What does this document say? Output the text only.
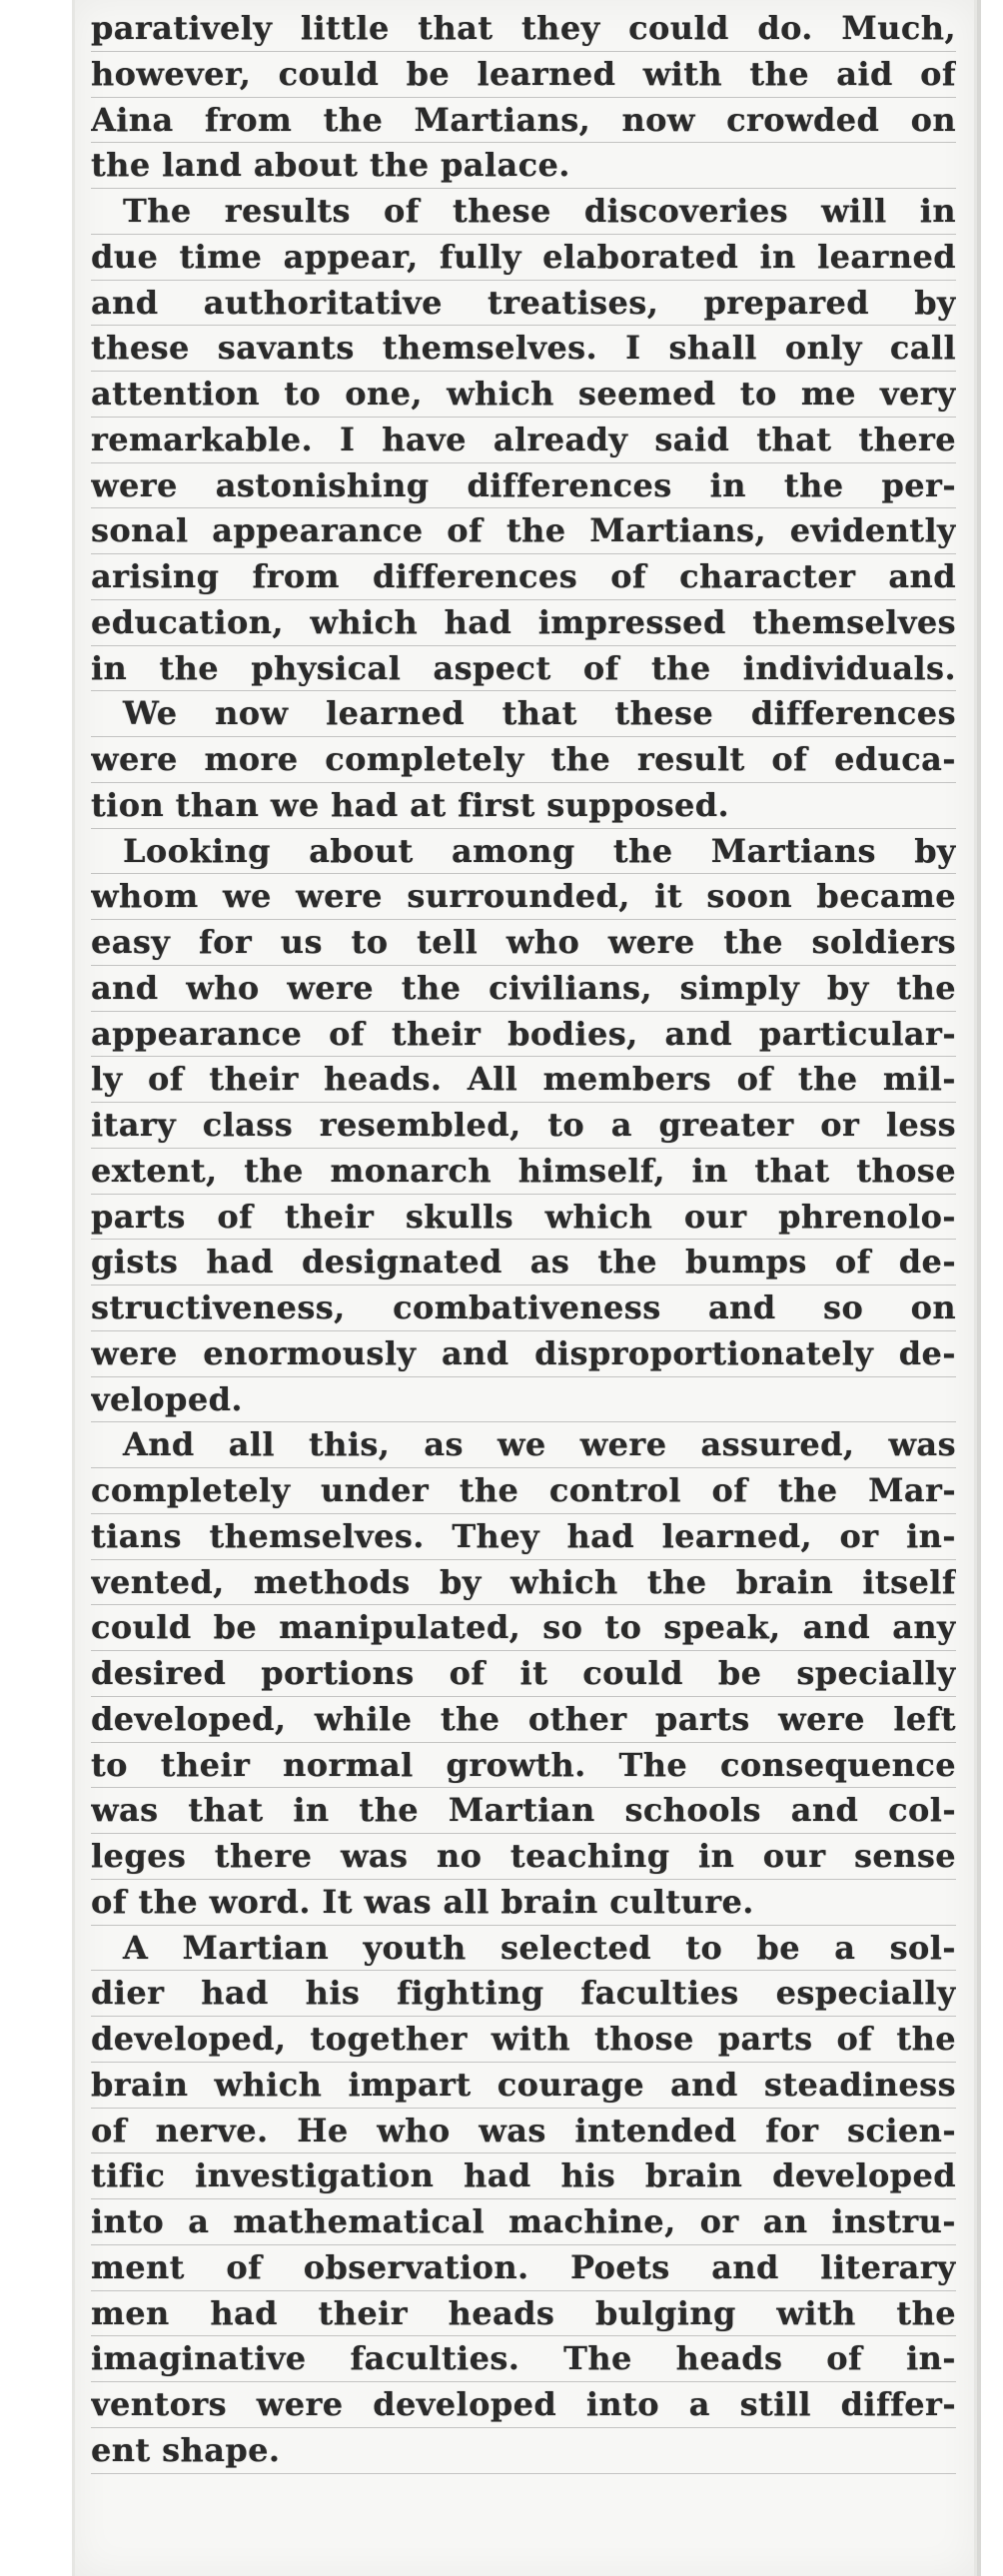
paratively little that they could do. Much,
however, could be learned with the aid of
Aina from the Martians, now crowded on
the land about the palace.
The results of these discoveries will in
due time appear, fully elaborated in learned
and authoritative treatises, prepared by
these savants themselves. I shall only call
attention to one, which seemed to me very
remarkable. I have already said that there
were astonishing differences in the per-
sonal appearance of the Martians, evidently
arising from differences of character and
education, which had impressed themselves
in the physical aspect of the individuals.
We now learned that these differences
were more completely the result of educa-
tion than we had at first supposed.
Looking about among the Martians by
whom we were surrounded, it soon became
easy for us to tell who were the soldiers
and who were the civilians, simply by the
appearance of their bodies, and particular-
ly of their heads. All members of the mil-
itary class resembled, to a greater or less
extent, the monarch himself, in that those
parts of their skulls which our phrenolo-
gists had designated as the bumps of de-
structiveness, combativeness and so on
were enormously and disproportionately de-
veloped.
And all this, as we were assured, was
completely under the control of the Mar-
tians themselves. They had learned, or in-
vented, methods by which the brain itself
could be manipulated, so to speak, and any
desired portions of it could be specially
developed, while the other parts were left
to their normal growth. The consequence
was that in the Martian schools and col-
leges there was no teaching in our sense
of the word. It was all brain culture.
A Martian youth selected to be a sol-
dier had his fighting faculties especially
developed, together with those parts of the
brain which impart courage and steadiness
of nerve. He who was intended for scien-
tific investigation had his brain developed
into a mathematical machine, or an instru-
ment of observation. Poets and literary
men had their heads bulging with the
imaginative faculties. The heads of in-
ventors were developed into a still differ-
ent shape.
